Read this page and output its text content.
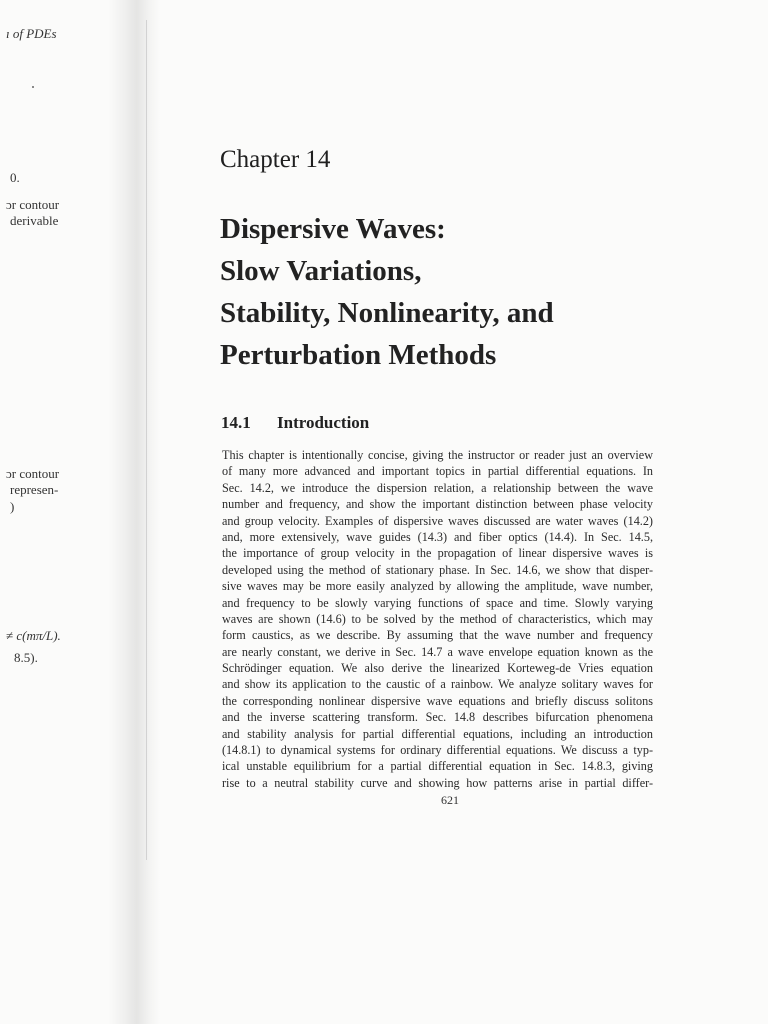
ı of PDEs
0.
ɔr contour
derivable
ɔr contour
represen-
)
≠ c(mπ/L).
8.5).
Chapter 14
Dispersive Waves:
Slow Variations,
Stability, Nonlinearity, and
Perturbation Methods
14.1 Introduction
This chapter is intentionally concise, giving the instructor or reader just an overview
of many more advanced and important topics in partial differential equations. In
Sec. 14.2, we introduce the dispersion relation, a relationship between the wave
number and frequency, and show the important distinction between phase velocity
and group velocity. Examples of dispersive waves discussed are water waves (14.2)
and, more extensively, wave guides (14.3) and fiber optics (14.4). In Sec. 14.5,
the importance of group velocity in the propagation of linear dispersive waves is
developed using the method of stationary phase. In Sec. 14.6, we show that disper-
sive waves may be more easily analyzed by allowing the amplitude, wave number,
and frequency to be slowly varying functions of space and time. Slowly varying
waves are shown (14.6) to be solved by the method of characteristics, which may
form caustics, as we describe. By assuming that the wave number and frequency
are nearly constant, we derive in Sec. 14.7 a wave envelope equation known as the
Schrödinger equation. We also derive the linearized Korteweg-de Vries equation
and show its application to the caustic of a rainbow. We analyze solitary waves for
the corresponding nonlinear dispersive wave equations and briefly discuss solitons
and the inverse scattering transform. Sec. 14.8 describes bifurcation phenomena
and stability analysis for partial differential equations, including an introduction
(14.8.1) to dynamical systems for ordinary differential equations. We discuss a typ-
ical unstable equilibrium for a partial differential equation in Sec. 14.8.3, giving
rise to a neutral stability curve and showing how patterns arise in partial differ-
621
